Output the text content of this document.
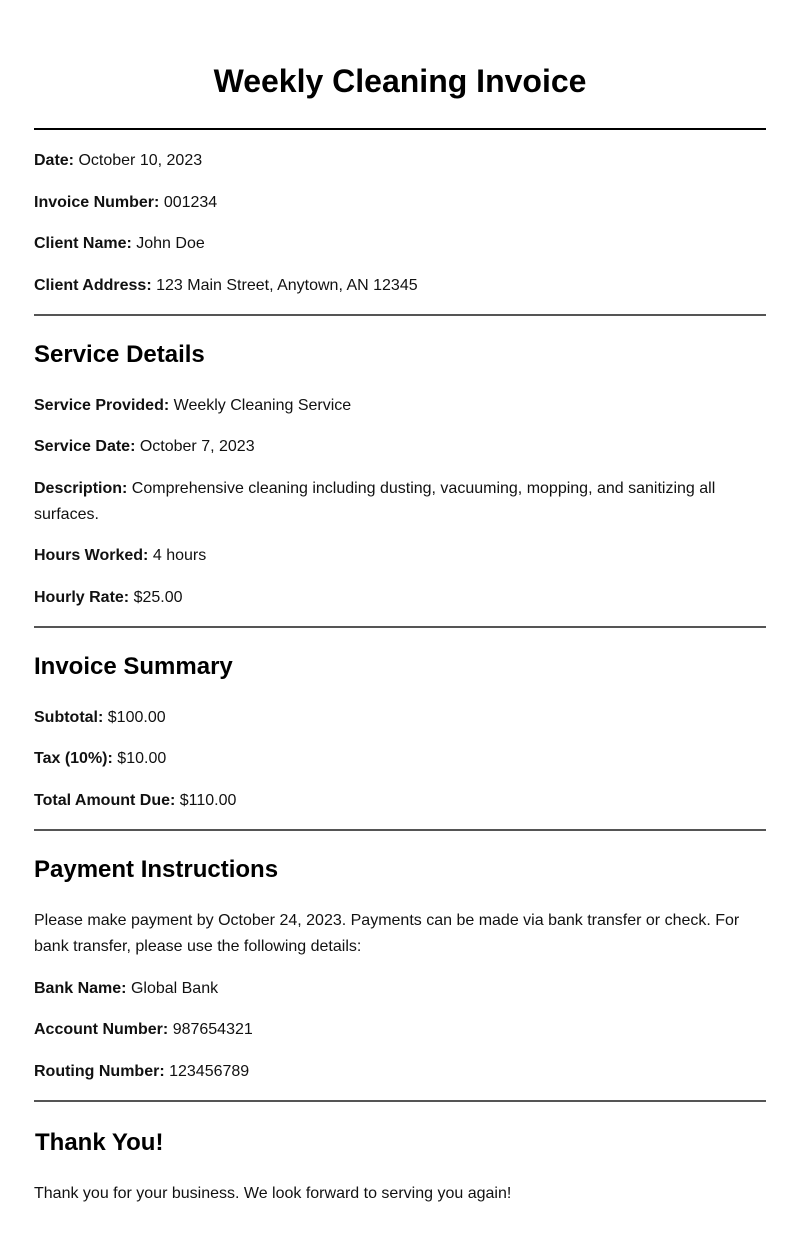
Weekly Cleaning Invoice

Date: October 10, 2023

Invoice Number: 001234

Client Name: John Doe

Client Address: 123 Main Street, Anytown, AN 12345

Service Details

Service Provided: Weekly Cleaning Service

Service Date: October 7, 2023

Description: Comprehensive cleaning including dusting, vacuuming, mopping, and sanitizing all surfaces.

Hours Worked: 4 hours

Hourly Rate: $25.00

Invoice Summary

Subtotal: $100.00

Tax (10%): $10.00

Total Amount Due: $110.00

Payment Instructions

Please make payment by October 24, 2023. Payments can be made via bank transfer or check. For bank transfer, please use the following details:

Bank Name: Global Bank

Account Number: 987654321

Routing Number: 123456789

Thank You!

Thank you for your business. We look forward to serving you again!
